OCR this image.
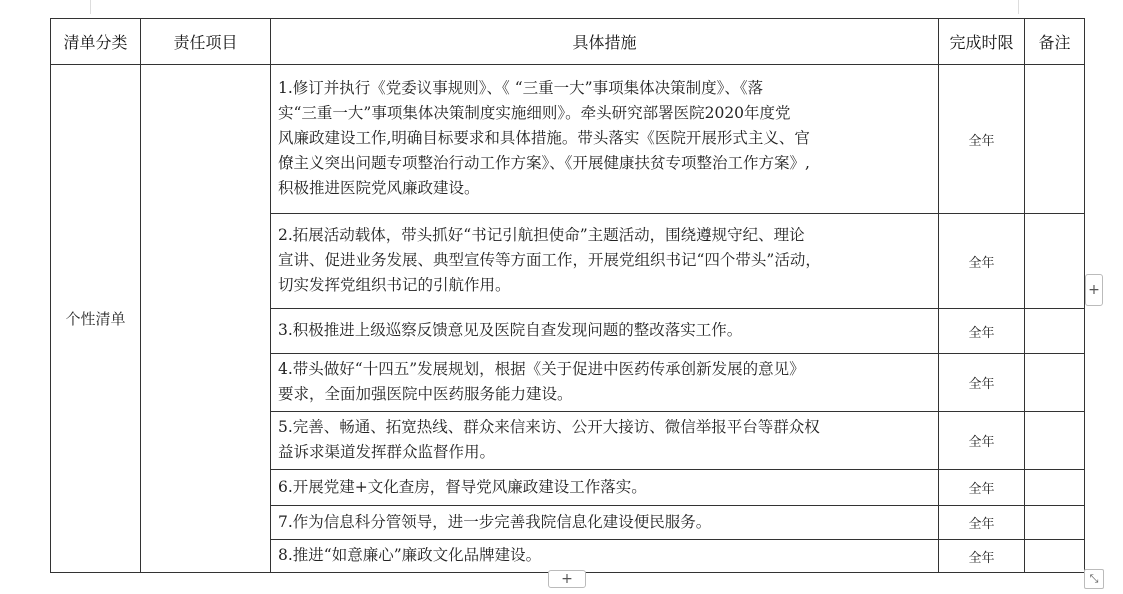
清单分类	责任项目	具体措施	完成时限	备注
个性清单		1.修订并执行《党委议事规则》、《 “三重一大”事项集体决策制度》、《落
实“三重一大”事项集体决策制度实施细则》。牵头研究部署医院2020年度党
风廉政建设工作,明确目标要求和具体措施。带头落实《医院开展形式主义、官
僚主义突出问题专项整治行动工作方案》、《开展健康扶贫专项整治工作方案》,
积极推进医院党风廉政建设。	全年	

		2.拓展活动载体，带头抓好“书记引航担使命”主题活动，围绕遵规守纪、理论
宣讲、促进业务发展、典型宣传等方面工作，开展党组织书记“四个带头”活动，
切实发挥党组织书记的引航作用。	全年	

		3.积极推进上级巡察反馈意见及医院自查发现问题的整改落实工作。	全年	

		4.带头做好“十四五”发展规划，根据《关于促进中医药传承创新发展的意见》
要求，全面加强医院中医药服务能力建设。	全年	

		5.完善、畅通、拓宽热线、群众来信来访、公开大接访、微信举报平台等群众权
益诉求渠道发挥群众监督作用。	全年	

		6.开展党建+文化查房，督导党风廉政建设工作落实。	全年	

		7.作为信息科分管领导，进一步完善我院信息化建设便民服务。	全年	

		8.推进“如意廉心”廉政文化品牌建设。	全年	
+
+	⤡
